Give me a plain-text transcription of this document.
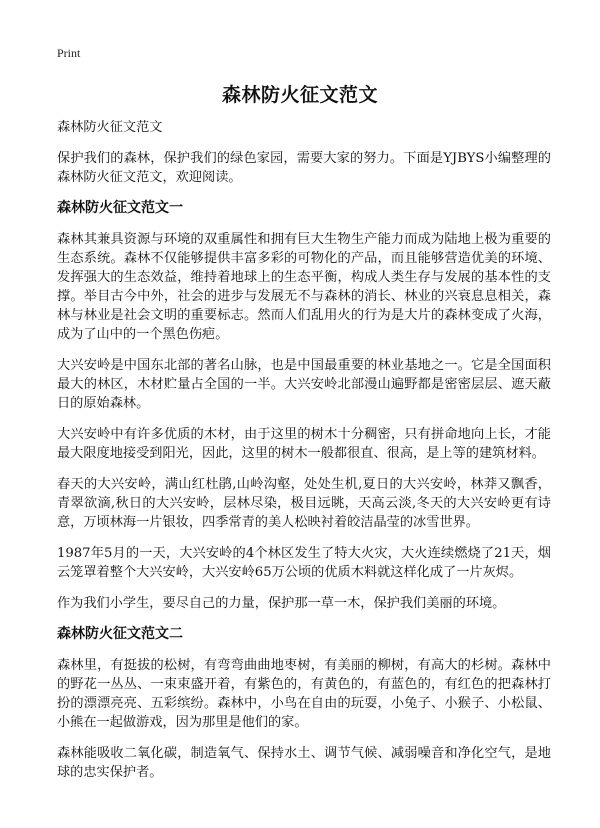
Print
森林防火征文范文

森林防火征文范文

保护我们的森林，保护我们的绿色家园，需要大家的努力。下面是YJBYS小编整理的森林防火征文范文，欢迎阅读。

森林防火征文范文一

森林其兼具资源与环境的双重属性和拥有巨大生物生产能力而成为陆地上极为重要的生态系统。森林不仅能够提供丰富多彩的可物化的产品，而且能够营造优美的环境、发挥强大的生态效益，维持着地球上的生态平衡，构成人类生存与发展的基本性的支撑。举目古今中外，社会的进步与发展无不与森林的消长、林业的兴衰息息相关，森林与林业是社会文明的重要标志。然而人们乱用火的行为是大片的森林变成了火海，成为了山中的一个黑色伤疤。

大兴安岭是中国东北部的著名山脉，也是中国最重要的林业基地之一。它是全国面积最大的林区，木材贮量占全国的一半。大兴安岭北部漫山遍野都是密密层层、遮天蔽日的原始森林。

大兴安岭中有许多优质的木材，由于这里的树木十分稠密，只有拼命地向上长，才能最大限度地接受到阳光，因此，这里的树木一般都很直、很高，是上等的建筑材料。

春天的大兴安岭，满山红杜鹃,山岭沟壑，处处生机,夏日的大兴安岭，林莽又飘香，青翠欲滴,秋日的大兴安岭，层林尽染，极目远眺，天高云淡,冬天的大兴安岭更有诗意，万顷林海一片银妆，四季常青的美人松映衬着皎洁晶莹的冰雪世界。

1987年5月的一天，大兴安岭的4个林区发生了特大火灾，大火连续燃烧了21天，烟云笼罩着整个大兴安岭，大兴安岭65万公顷的优质木料就这样化成了一片灰烬。

作为我们小学生，要尽自己的力量，保护那一草一木，保护我们美丽的环境。

森林防火征文范文二

森林里，有挺拔的松树，有弯弯曲曲地枣树，有美丽的柳树，有高大的杉树。森林中的野花一丛丛、一束束盛开着，有紫色的，有黄色的，有蓝色的，有红色的把森林打扮的漂漂亮亮、五彩缤纷。森林中，小鸟在自由的玩耍，小兔子、小猴子、小松鼠、小熊在一起做游戏，因为那里是他们的家。

森林能吸收二氧化碳，制造氧气、保持水土、调节气候、减弱噪音和净化空气，是地球的忠实保护者。
